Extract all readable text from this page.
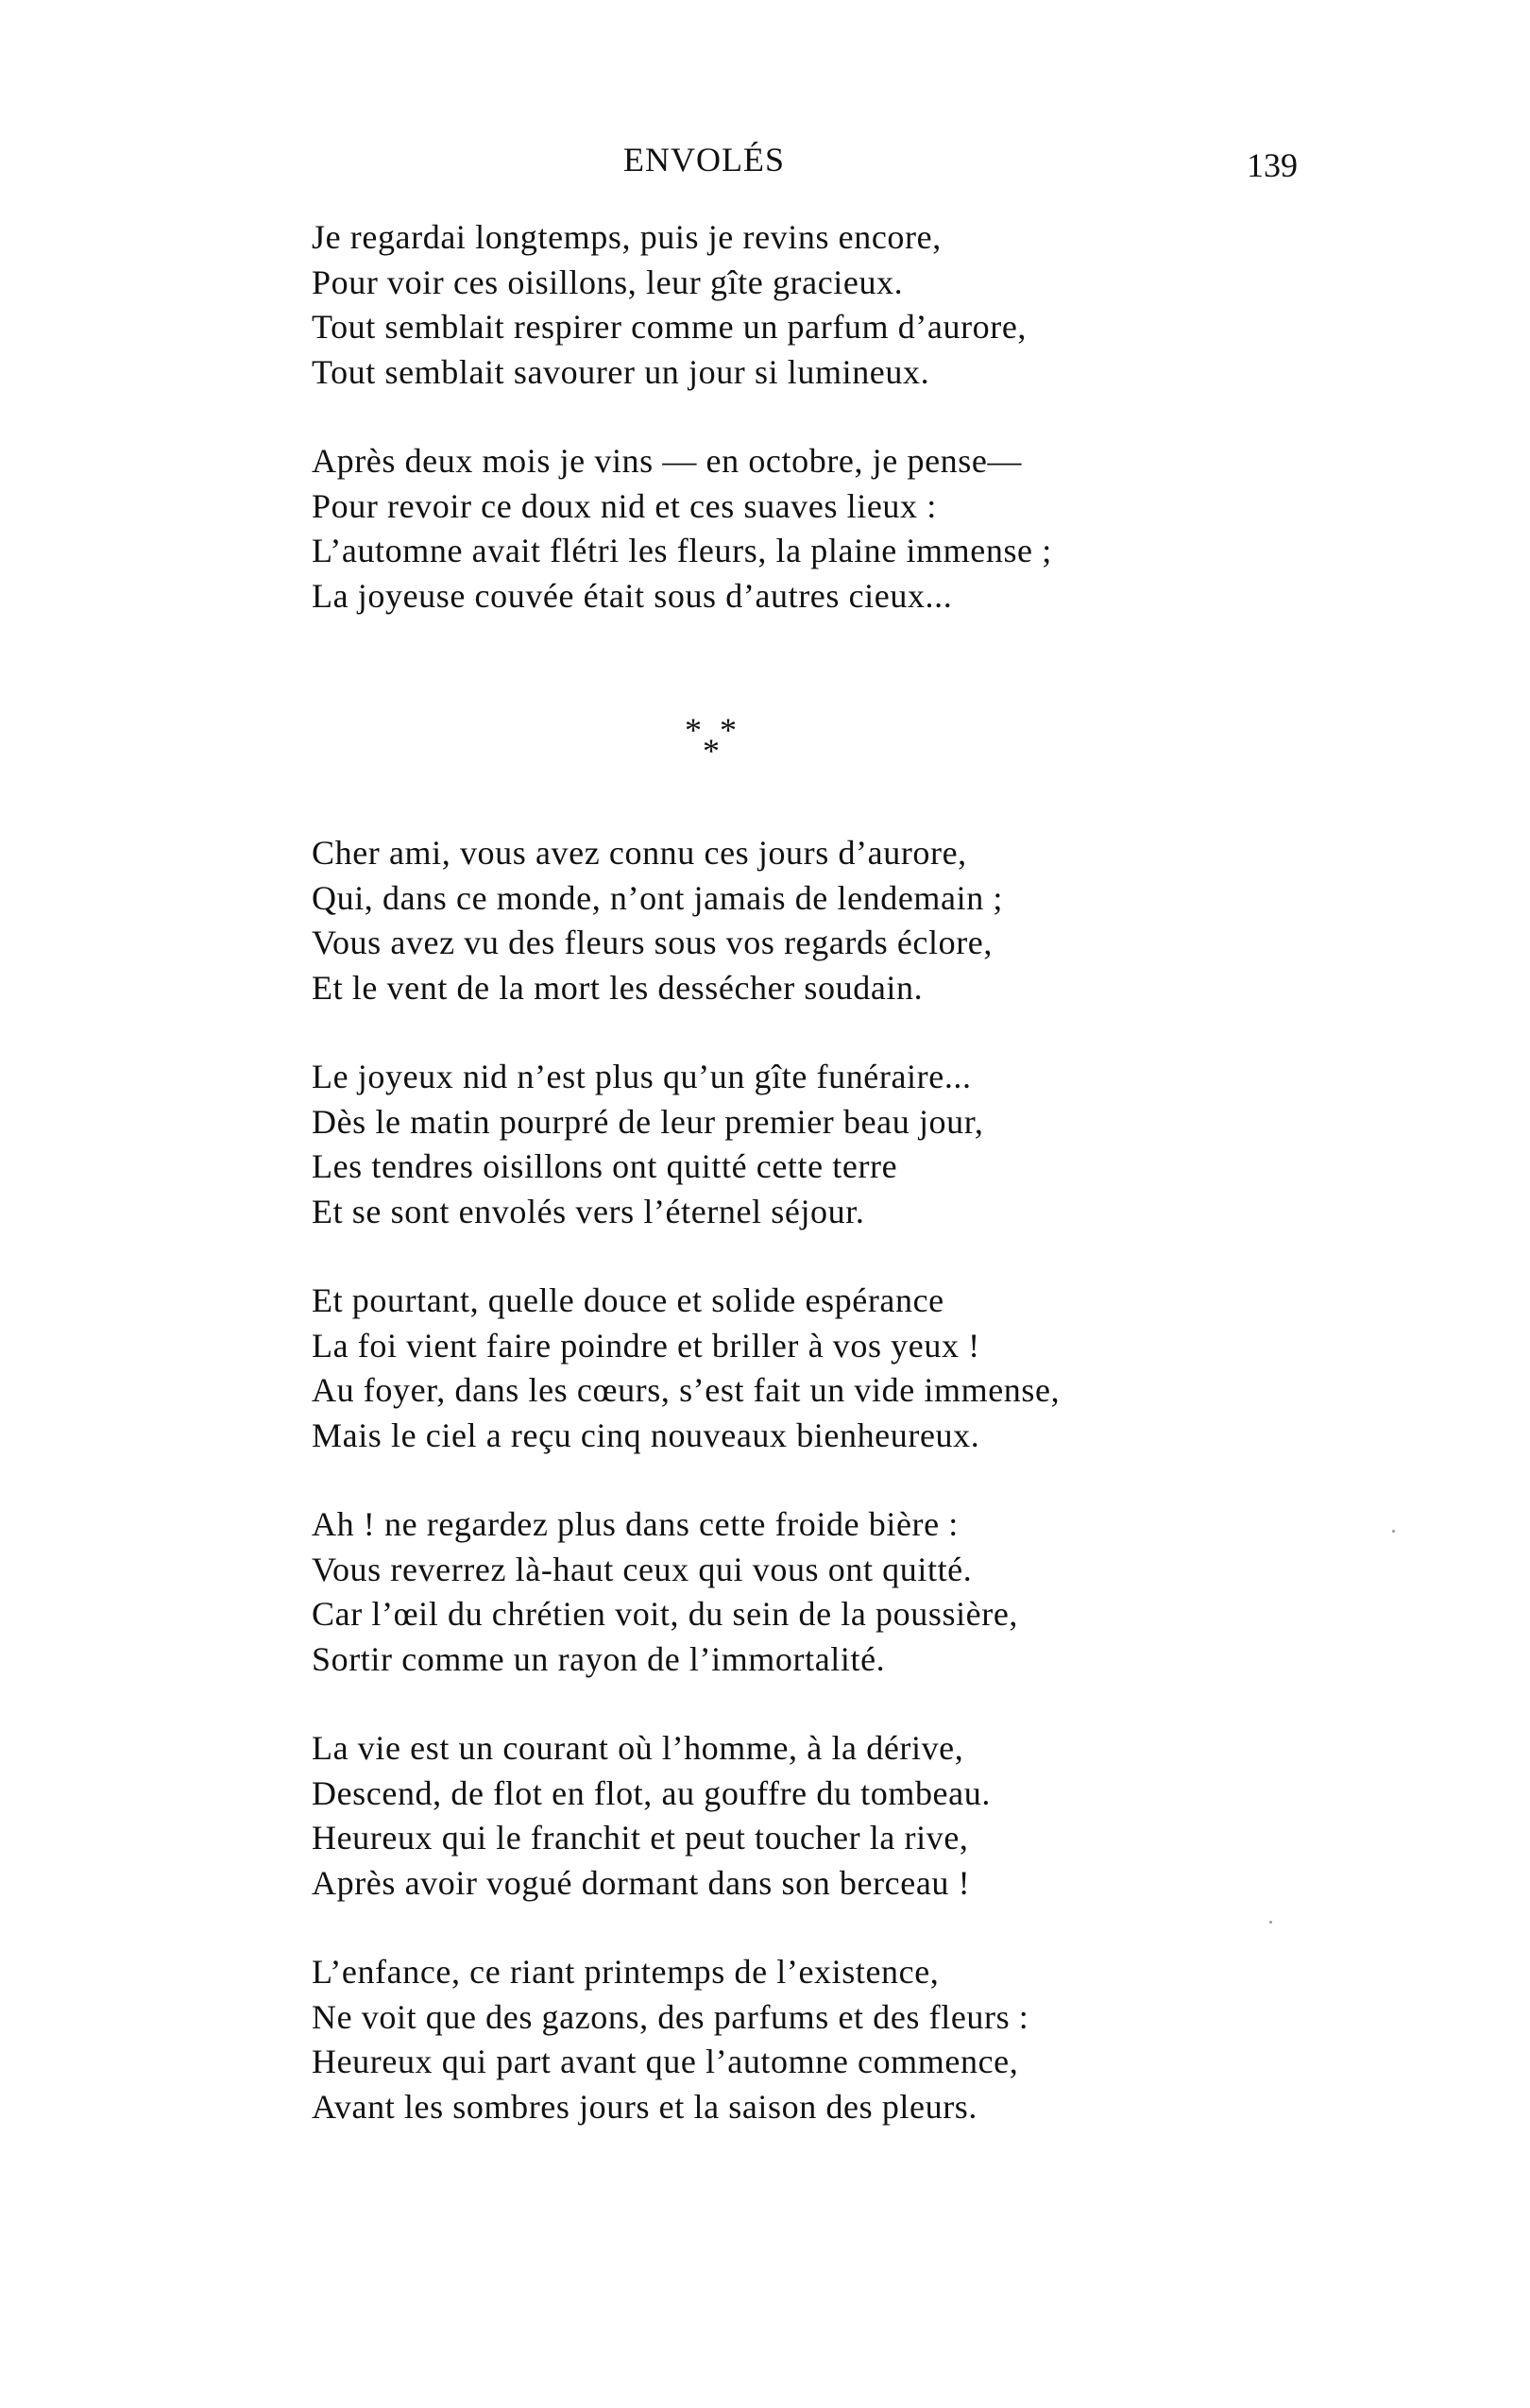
ENVOLÉS	139
Je regardai longtemps, puis je revins encore,
Pour voir ces oisillons, leur gîte gracieux.
Tout semblait respirer comme un parfum d’aurore,
Tout semblait savourer un jour si lumineux.
Après deux mois je vins — en octobre, je pense—
Pour revoir ce doux nid et ces suaves lieux :
L’automne avait flétri les fleurs, la plaine immense ;
La joyeuse couvée était sous d’autres cieux...
* *
*
Cher ami, vous avez connu ces jours d’aurore,
Qui, dans ce monde, n’ont jamais de lendemain ;
Vous avez vu des fleurs sous vos regards éclore,
Et le vent de la mort les dessécher soudain.
Le joyeux nid n’est plus qu’un gîte funéraire...
Dès le matin pourpré de leur premier beau jour,
Les tendres oisillons ont quitté cette terre
Et se sont envolés vers l’éternel séjour.
Et pourtant, quelle douce et solide espérance
La foi vient faire poindre et briller à vos yeux !
Au foyer, dans les cœurs, s’est fait un vide immense,
Mais le ciel a reçu cinq nouveaux bienheureux.
Ah ! ne regardez plus dans cette froide bière :
Vous reverrez là-haut ceux qui vous ont quitté.
Car l’œil du chrétien voit, du sein de la poussière,
Sortir comme un rayon de l’immortalité.
La vie est un courant où l’homme, à la dérive,
Descend, de flot en flot, au gouffre du tombeau.
Heureux qui le franchit et peut toucher la rive,
Après avoir vogué dormant dans son berceau !
L’enfance, ce riant printemps de l’existence,
Ne voit que des gazons, des parfums et des fleurs :
Heureux qui part avant que l’automne commence,
Avant les sombres jours et la saison des pleurs.
